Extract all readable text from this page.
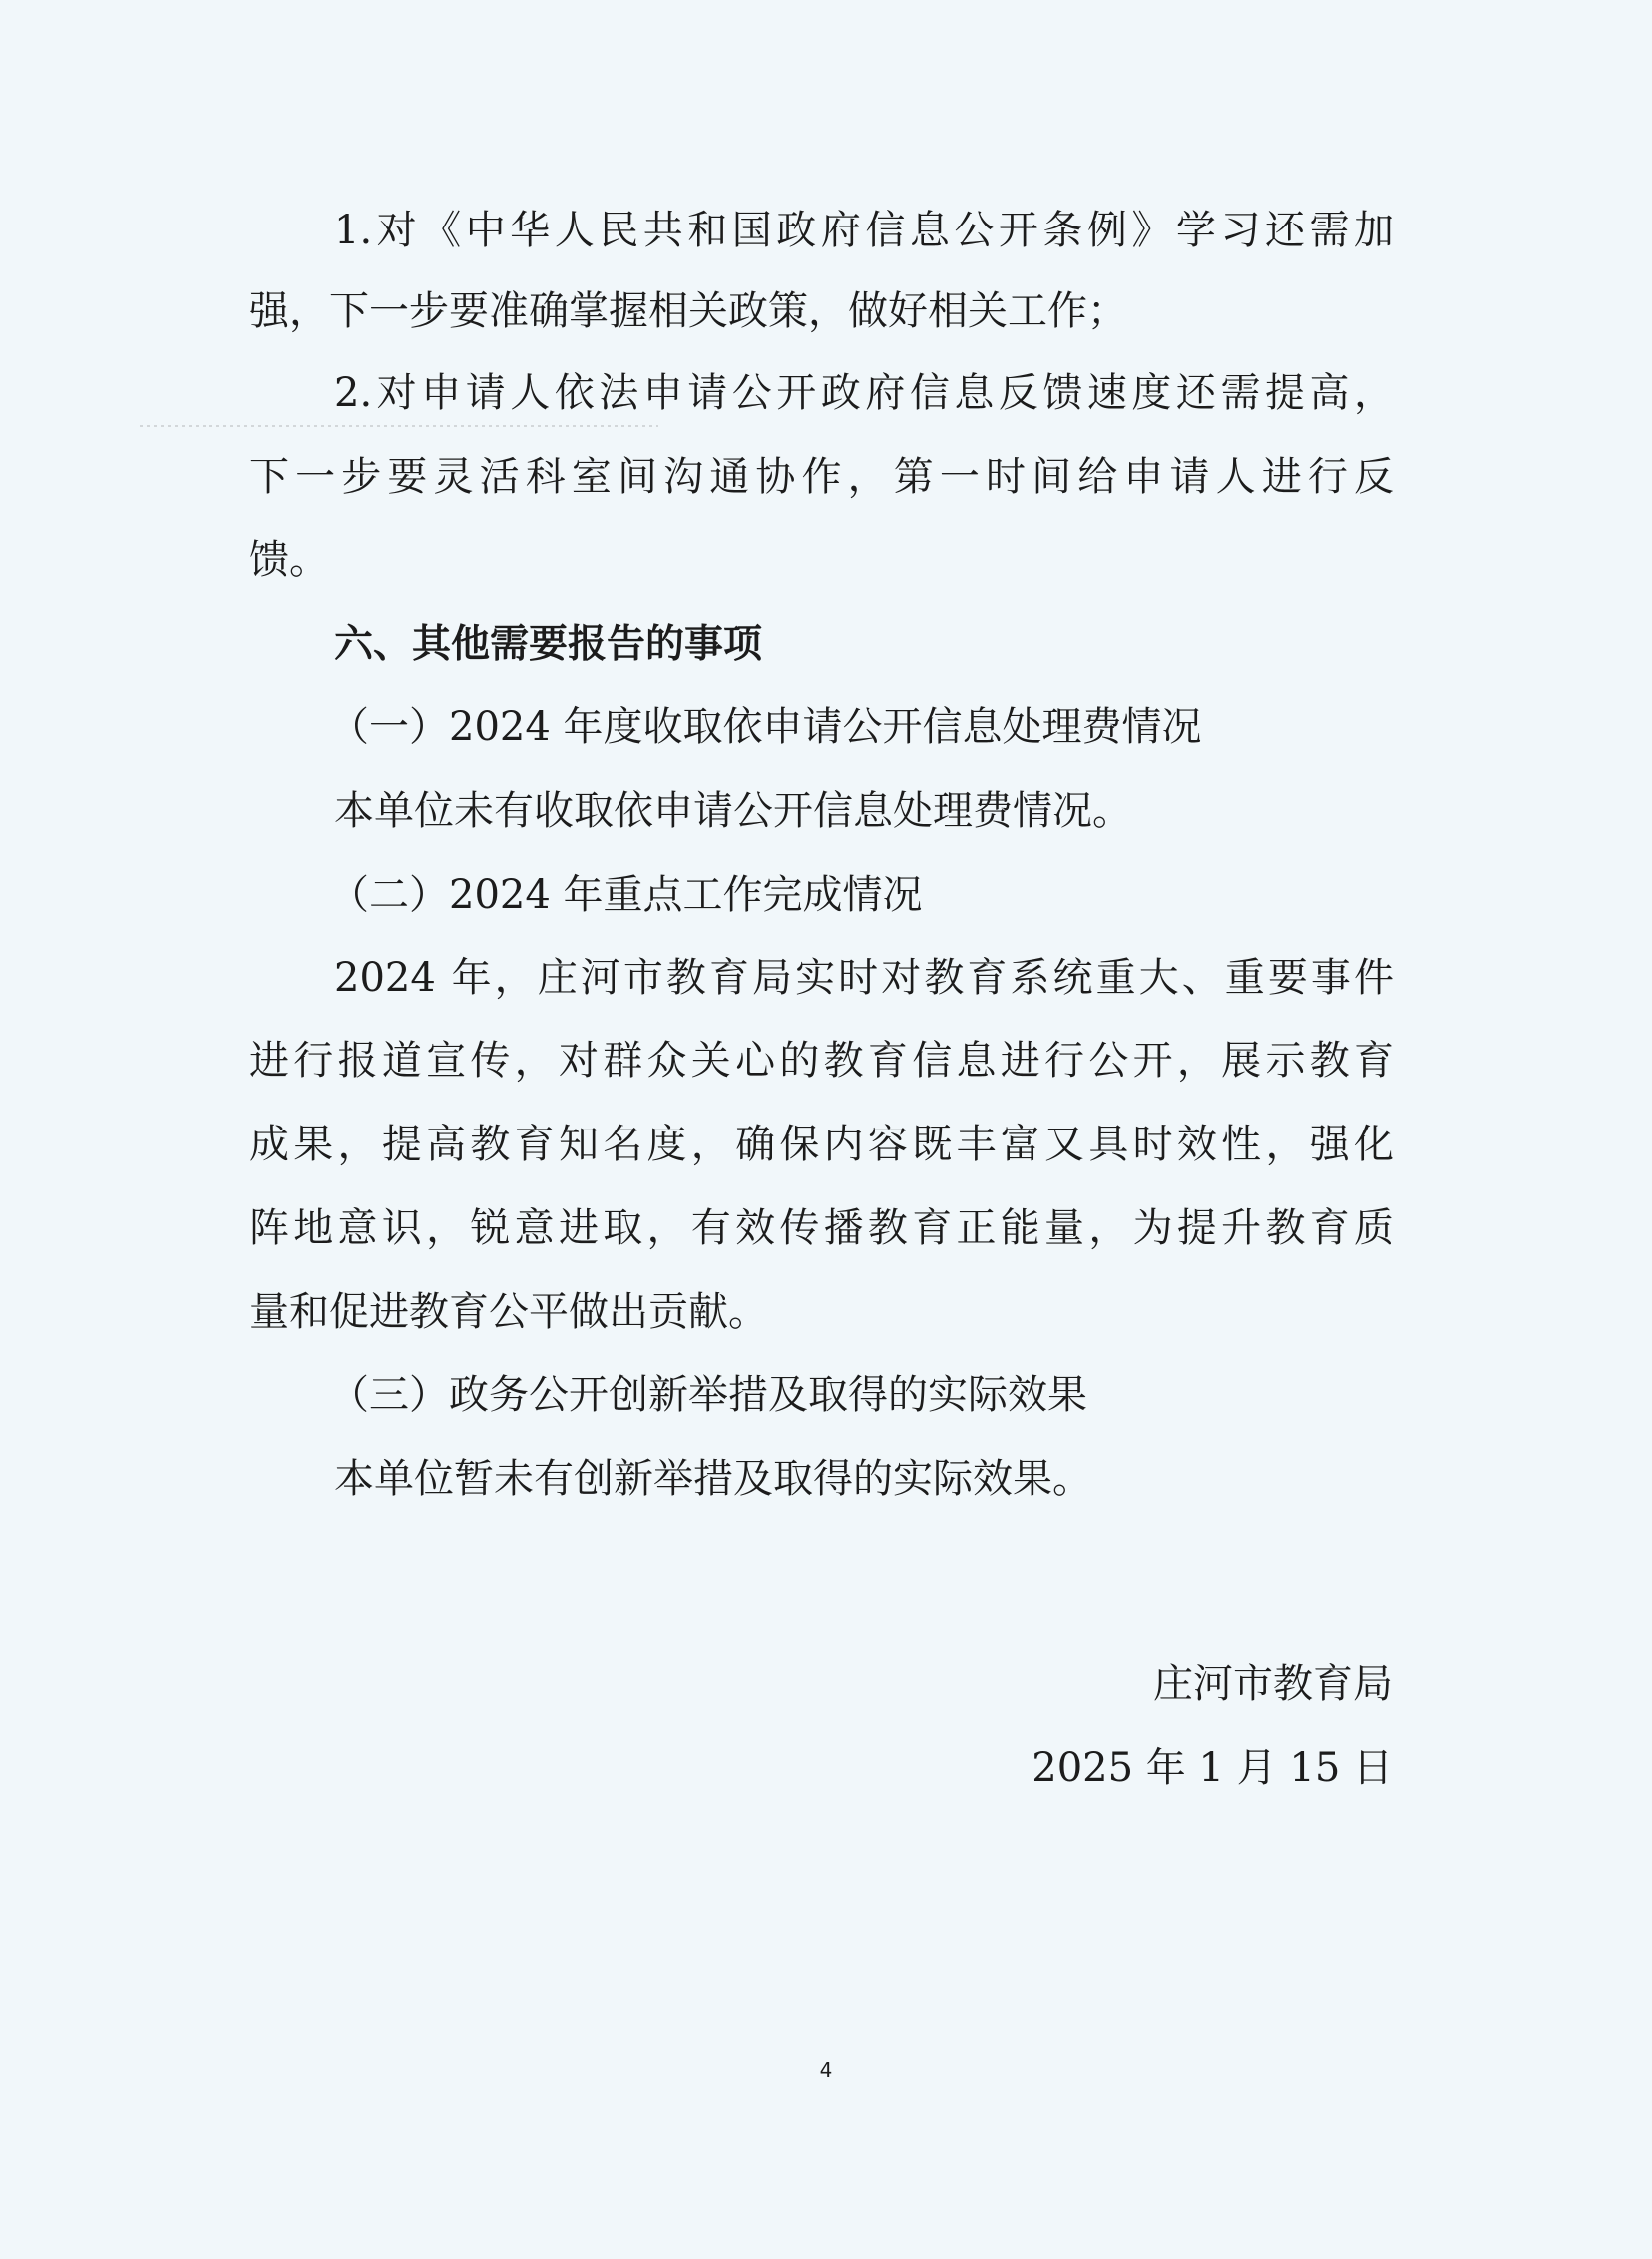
1.对《中华人民共和国政府信息公开条例》学习还需加
强，下一步要准确掌握相关政策，做好相关工作；
2.对申请人依法申请公开政府信息反馈速度还需提高，
下一步要灵活科室间沟通协作，第一时间给申请人进行反
馈。
六、其他需要报告的事项
（一）2024 年度收取依申请公开信息处理费情况
本单位未有收取依申请公开信息处理费情况。
（二）2024 年重点工作完成情况
2024 年，庄河市教育局实时对教育系统重大、重要事件
进行报道宣传，对群众关心的教育信息进行公开，展示教育
成果，提高教育知名度，确保内容既丰富又具时效性，强化
阵地意识，锐意进取，有效传播教育正能量，为提升教育质
量和促进教育公平做出贡献。
（三）政务公开创新举措及取得的实际效果
本单位暂未有创新举措及取得的实际效果。
庄河市教育局
2025 年 1 月 15 日
4
